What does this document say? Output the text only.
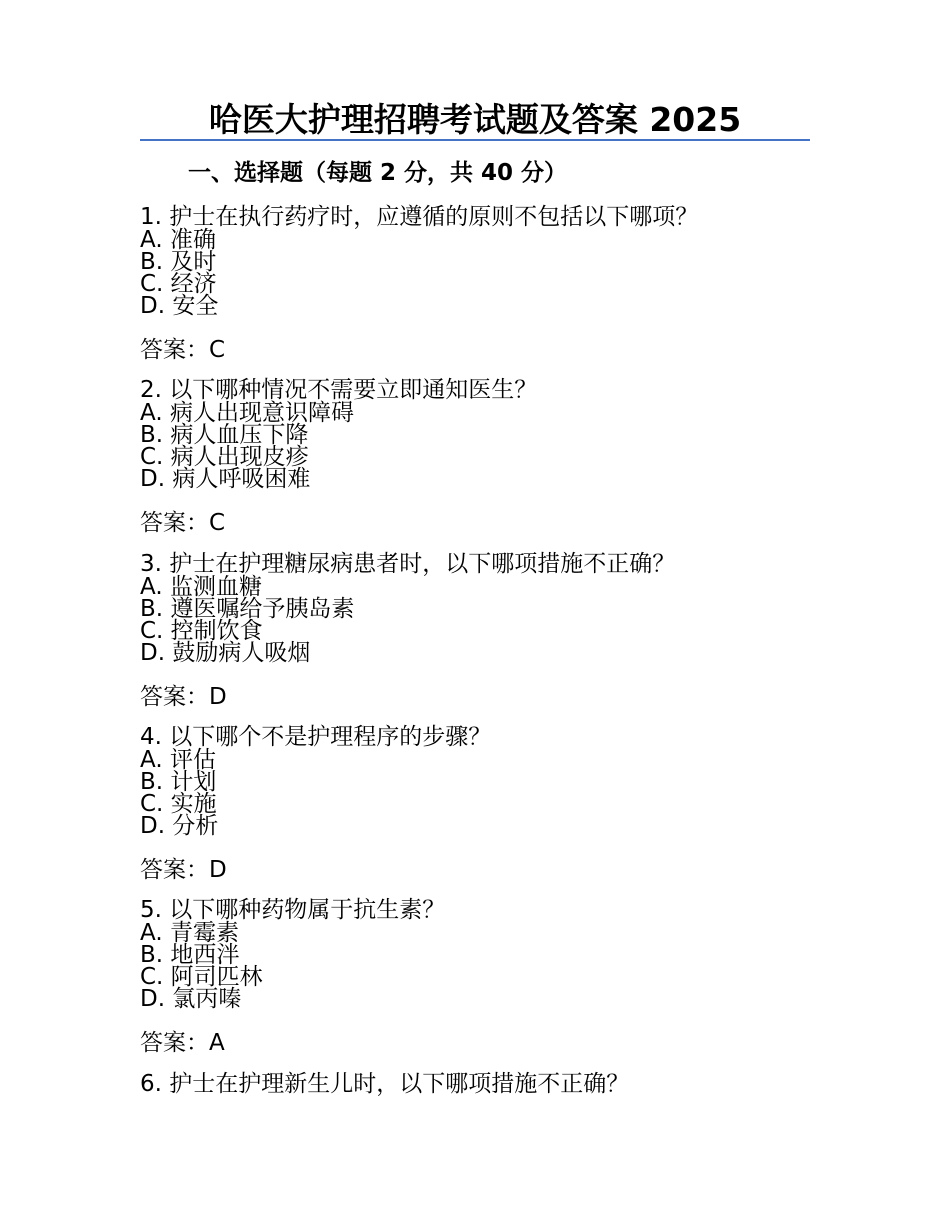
哈医大护理招聘考试题及答案 2025
一、选择题（每题 2 分，共 40 分）
1. 护士在执行药疗时，应遵循的原则不包括以下哪项？
A. 准确
B. 及时
C. 经济
D. 安全
答案：C
2. 以下哪种情况不需要立即通知医生？
A. 病人出现意识障碍
B. 病人血压下降
C. 病人出现皮疹
D. 病人呼吸困难
答案：C
3. 护士在护理糖尿病患者时，以下哪项措施不正确？
A. 监测血糖
B. 遵医嘱给予胰岛素
C. 控制饮食
D. 鼓励病人吸烟
答案：D
4. 以下哪个不是护理程序的步骤？
A. 评估
B. 计划
C. 实施
D. 分析
答案：D
5. 以下哪种药物属于抗生素？
A. 青霉素
B. 地西泮
C. 阿司匹林
D. 氯丙嗪
答案：A
6. 护士在护理新生儿时，以下哪项措施不正确？
